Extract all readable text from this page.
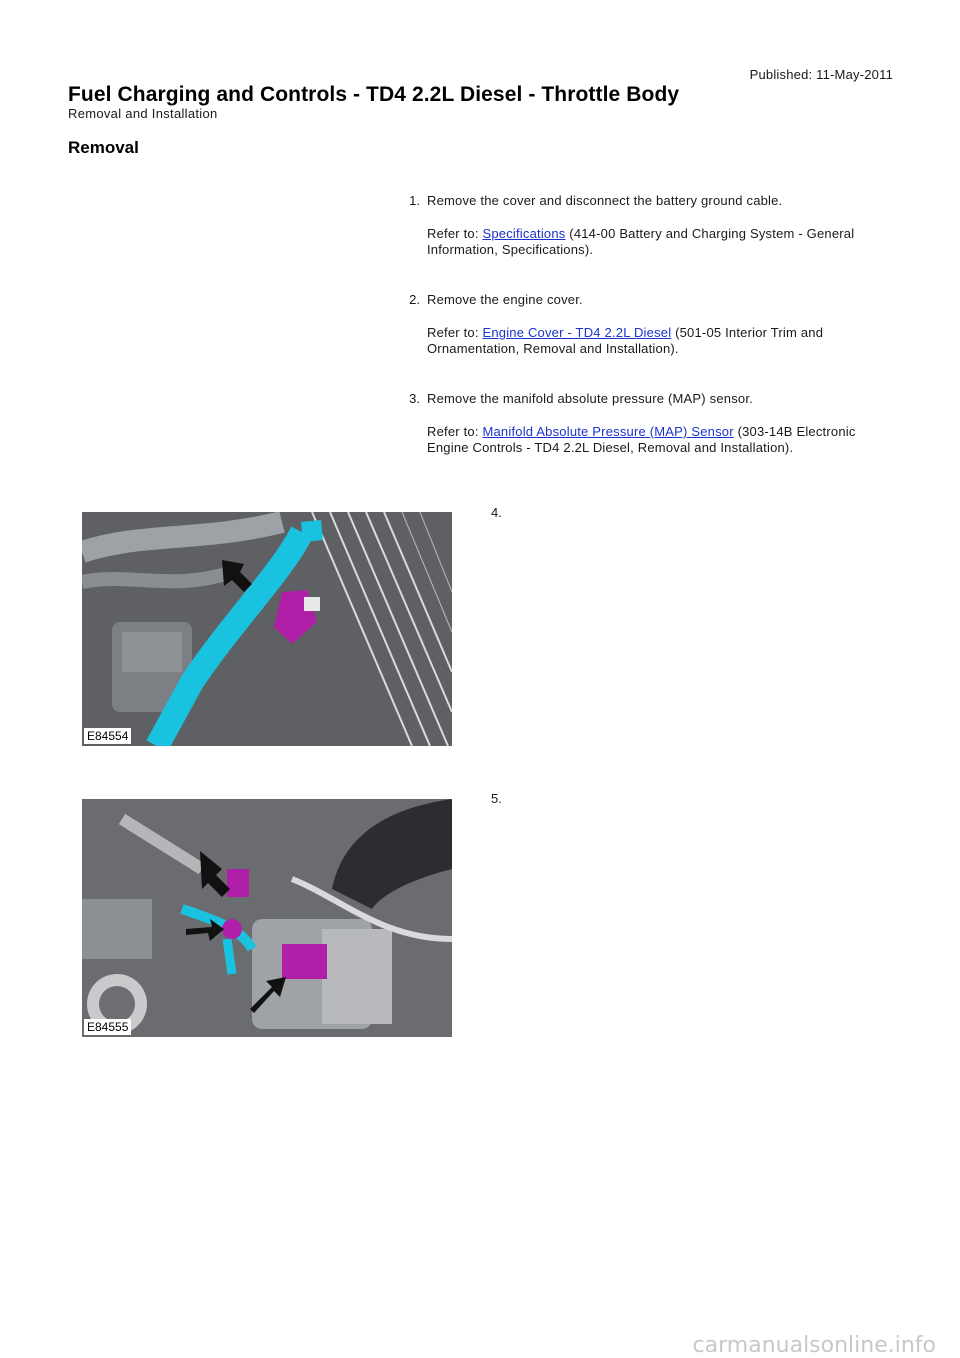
Published: 11-May-2011
Fuel Charging and Controls - TD4 2.2L Diesel - Throttle Body
Removal and Installation
Removal
1. Remove the cover and disconnect the battery ground cable.
Refer to: Specifications (414-00 Battery and Charging System - General Information, Specifications).
2. Remove the engine cover.
Refer to: Engine Cover - TD4 2.2L Diesel (501-05 Interior Trim and Ornamentation, Removal and Installation).
3. Remove the manifold absolute pressure (MAP) sensor.
Refer to: Manifold Absolute Pressure (MAP) Sensor (303-14B Electronic Engine Controls - TD4 2.2L Diesel, Removal and Installation).
E84554
4.
E84555
5.
carmanualsonline.info
